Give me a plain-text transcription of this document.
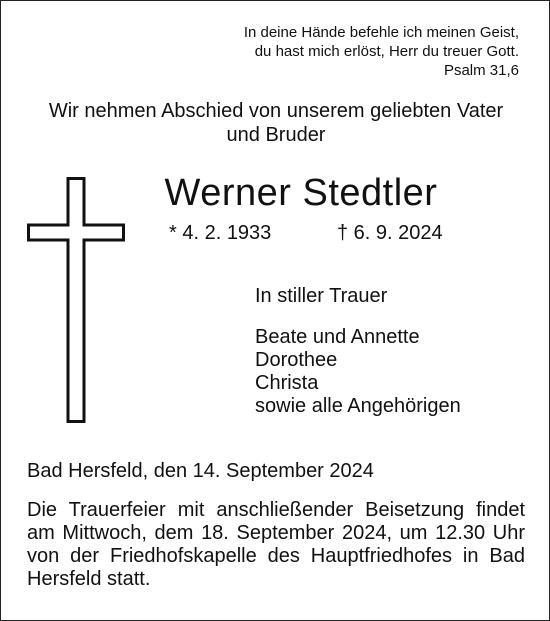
In deine Hände befehle ich meinen Geist,
du hast mich erlöst, Herr du treuer Gott.
Psalm 31,6
Wir nehmen Abschied von unserem geliebten Vater
und Bruder
Werner Stedtler
* 4. 2. 1933	† 6. 9. 2024
In stiller Trauer
Beate und Annette
Dorothee
Christa
sowie alle Angehörigen
Bad Hersfeld, den 14. September 2024
Die Trauerfeier mit anschließender Beisetzung findet
am Mittwoch, dem 18. September 2024, um 12.30 Uhr
von der Friedhofskapelle des Hauptfriedhofes in Bad
Hersfeld statt.
